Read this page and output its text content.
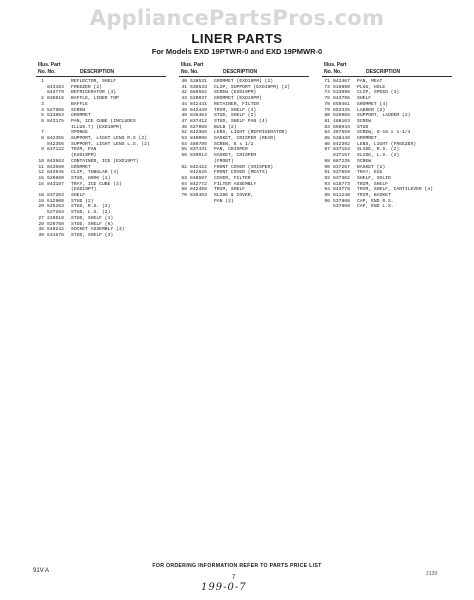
AppliancePartsPros.com
LINER PARTS
For Models EXD 19PTWR-0 and EXD 19PMWR-0
Illus. Part
No. No.	DESCRIPTION
1	REFLECTOR, SHELF
843164	FREEZER (2)
843779	REFRIGERATOR (4)
2 836016	BAFFLE, LINER TOP
3	BAFFLE
4 527966	SCREW
5 523883	GROMMET
6 843175	PAN, ICE CUBE (INCLUDES
ILLUS.7) (EXD19PM)
7	SPONGE
8 842355	SUPPORT, LIGHT LENS R.S (2)
842356	SUPPORT, LIGHT LENS L.S. (2)
9 837122	TRIM, PAN
(EXD19PM)
10 843563	CONTAINER, ICE (EXD19PT)
11 843550	GROMMET
12 843945	CLIP, TUBULAR (4)
15 529860	STUD, HOOK (1)
16 843187	TRAY, ICE CUBE (3)
(EXD19PT)
18 837203	SHELF
19 512900	STUD (2)
20 525263	STUD, R.S. (2)
527264	STUD, L.S. (2)
27 210518	STUD, SHELF (1)
28 529768	STUD, SHELF (6)
38 549242	SOCKET ASSEMBLY (3)
39 531678	STUD, SHELF (3)
Illus. Part
No. No.	DESCRIPTION
40 538531	GROMMET (EXD19PM) (2)
41 538533	CLIP, SUPPORT (EXD19PM) (2)
42 668552	SCREW (EXD19PM)
43 520037	GROMMET (EXD19PM)
44 842441	RETAINER, FILTER
45 842449	TRIM, SHELF (4)
46 836464	STUD, SHELF (2)
47 837412	STUD, SHELF PAN (4)
48 527969	BULB (2)
52 842366	LENS, LIGHT (REFRIGERATOR)
53 840096	GASKET, CRISPER (REAR)
54 488785	SCREW, 6 x 1/2
55 837431	PAN, CRISPER
56 839014	GASKET, CRISPER
(FRONT)
62 842422	FRONT COVER (CRISPER)
842625	FRONT COVER (MEATS)
63 848597	COVER, FILTER
64 842772	FILTER ASSEMBLY
68 842458	TRIM, SHELF
70 836463	SLIDE & COVER,
PAN (2)
Illus. Part
No. No.	DESCRIPTION
71 842467	PAN, MEAT
73 519890	PLUG, HOLE
74 533990	CLIP, SPEED (3)
76 843795	SHELF
78 659461	GROMMET (4)
79 653335	LADDER (2)
80 520965	SUPPORT, LADDER (2)
81 488163	SCREW
83 658944	STUD
84 487559	SCREW, 8-15 x 1-1/4
85 538449	GROMMET
86 842392	LENS, LIGHT (FREEZER)
87 837154	SLIDE, R.S. (2)
837157	SLIDE, L.S. (2)
88 887235	SCREW
90 837267	BASKET (2)
91 837659	TRAY, EGG
92 837302	SHELF, SOLID
93 618773	TRIM, SHELF
94 843778	TRIM, SHELF, CANTILEVER (4)
95 811248	TRIM, BASKET
96 537868	CAP, END R.S.
537869	CAP, END L.S.
FOR ORDERING INFORMATION REFER TO PARTS PRICE LIST
91V A
7
2139
199-0-7
